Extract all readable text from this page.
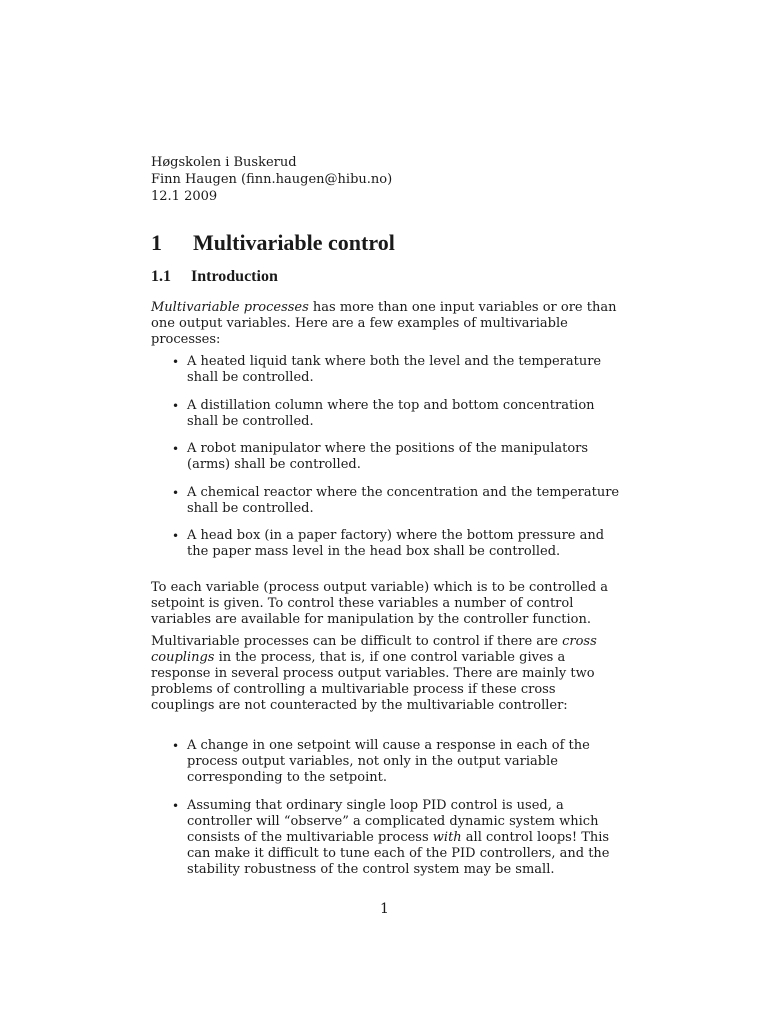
Høgskolen i Buskerud
Finn Haugen (finn.haugen@hibu.no)
12.1 2009
1 Multivariable control
1.1 Introduction

Multivariable processes has more than one input variables or ore than one output variables. Here are a few examples of multivariable processes:

• A heated liquid tank where both the level and the temperature shall be controlled.
• A distillation column where the top and bottom concentration shall be controlled.
• A robot manipulator where the positions of the manipulators (arms) shall be controlled.
• A chemical reactor where the concentration and the temperature shall be controlled.
• A head box (in a paper factory) where the bottom pressure and the paper mass level in the head box shall be controlled.

To each variable (process output variable) which is to be controlled a setpoint is given. To control these variables a number of control variables are available for manipulation by the controller function.

Multivariable processes can be difficult to control if there are cross couplings in the process, that is, if one control variable gives a response in several process output variables. There are mainly two problems of controlling a multivariable process if these cross couplings are not counteracted by the multivariable controller:

• A change in one setpoint will cause a response in each of the process output variables, not only in the output variable corresponding to the setpoint.
• Assuming that ordinary single loop PID control is used, a controller will “observe” a complicated dynamic system which consists of the multivariable process with all control loops! This can make it difficult to tune each of the PID controllers, and the stability robustness of the control system may be small.
1
